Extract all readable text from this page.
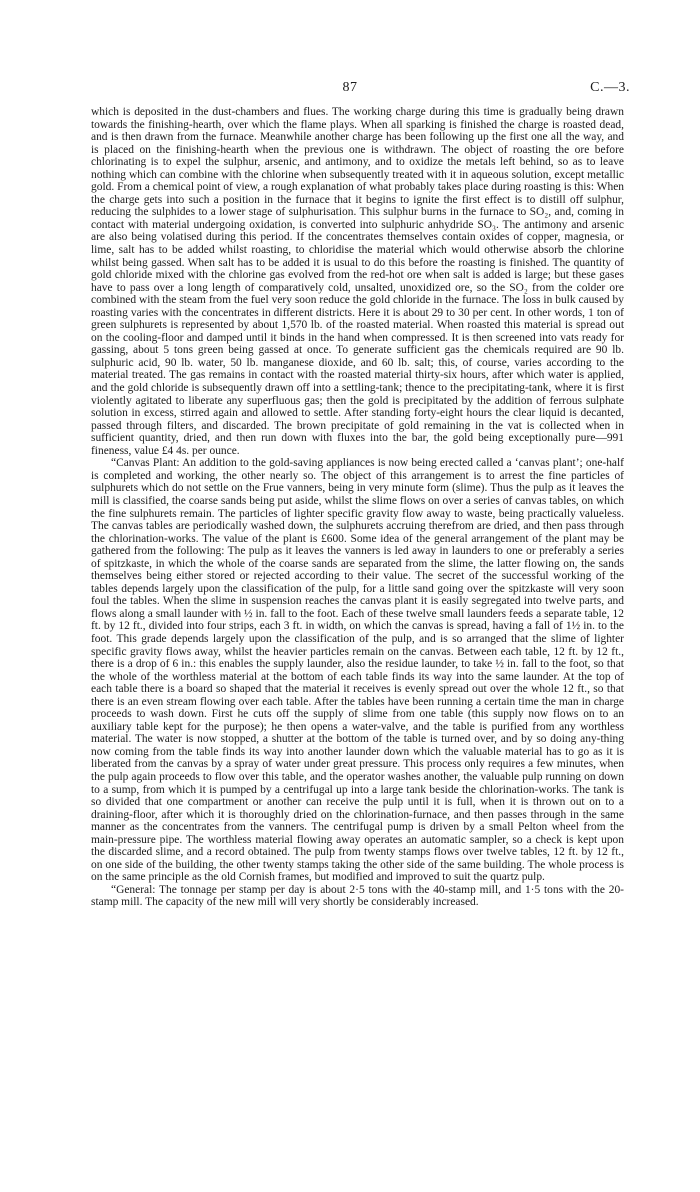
87	C.—3.

which is deposited in the dust-chambers and flues. The working charge during this time is gradually being drawn towards the finishing-hearth, over which the flame plays. When all sparking is finished the charge is roasted dead, and is then drawn from the furnace. Meanwhile another charge has been following up the first one all the way, and is placed on the finishing-hearth when the previous one is withdrawn. The object of roasting the ore before chlorinating is to expel the sulphur, arsenic, and antimony, and to oxidize the metals left behind, so as to leave nothing which can combine with the chlorine when subsequently treated with it in aqueous solution, except metallic gold. From a chemical point of view, a rough explanation of what probably takes place during roasting is this: When the charge gets into such a position in the furnace that it begins to ignite the first effect is to distill off sulphur, reducing the sulphides to a lower stage of sulphurisation. This sulphur burns in the furnace to SO₂, and, coming in contact with material undergoing oxidation, is converted into sulphuric anhydride SO₃. The antimony and arsenic are also being volatised during this period. If the concentrates themselves contain oxides of copper, magnesia, or lime, salt has to be added whilst roasting, to chloridise the material which would otherwise absorb the chlorine whilst being gassed. When salt has to be added it is usual to do this before the roasting is finished. The quantity of gold chloride mixed with the chlorine gas evolved from the red-hot ore when salt is added is large; but these gases have to pass over a long length of comparatively cold, unsalted, unoxidized ore, so the SO₂ from the colder ore combined with the steam from the fuel very soon reduce the gold chloride in the furnace. The loss in bulk caused by roasting varies with the concentrates in different districts. Here it is about 29 to 30 per cent. In other words, 1 ton of green sulphurets is represented by about 1,570 lb. of the roasted material. When roasted this material is spread out on the cooling-floor and damped until it binds in the hand when compressed. It is then screened into vats ready for gassing, about 5 tons green being gassed at once. To generate sufficient gas the chemicals required are 90 lb. sulphuric acid, 90 lb. water, 50 lb. manganese dioxide, and 60 lb. salt; this, of course, varies according to the material treated. The gas remains in contact with the roasted material thirty-six hours, after which water is applied, and the gold chloride is subsequently drawn off into a settling-tank; thence to the precipitating-tank, where it is first violently agitated to liberate any superfluous gas; then the gold is precipitated by the addition of ferrous sulphate solution in excess, stirred again and allowed to settle. After standing forty-eight hours the clear liquid is decanted, passed through filters, and discarded. The brown precipitate of gold remaining in the vat is collected when in sufficient quantity, dried, and then run down with fluxes into the bar, the gold being exceptionally pure—991 fineness, value £4 4s. per ounce.

“Canvas Plant: An addition to the gold-saving appliances is now being erected called a ‘canvas plant’; one-half is completed and working, the other nearly so. The object of this arrangement is to arrest the fine particles of sulphurets which do not settle on the Frue vanners, being in very minute form (slime). Thus the pulp as it leaves the mill is classified, the coarse sands being put aside, whilst the slime flows on over a series of canvas tables, on which the fine sulphurets remain. The particles of lighter specific gravity flow away to waste, being practically valueless. The canvas tables are periodically washed down, the sulphurets accruing therefrom are dried, and then pass through the chlorination-works. The value of the plant is £600. Some idea of the general arrangement of the plant may be gathered from the following: The pulp as it leaves the vanners is led away in launders to one or preferably a series of spitzkaste, in which the whole of the coarse sands are separated from the slime, the latter flowing on, the sands themselves being either stored or rejected according to their value. The secret of the successful working of the tables depends largely upon the classification of the pulp, for a little sand going over the spitzkaste will very soon foul the tables. When the slime in suspension reaches the canvas plant it is easily segregated into twelve parts, and flows along a small launder with ½ in. fall to the foot. Each of these twelve small launders feeds a separate table, 12 ft. by 12 ft., divided into four strips, each 3 ft. in width, on which the canvas is spread, having a fall of 1½ in. to the foot. This grade depends largely upon the classification of the pulp, and is so arranged that the slime of lighter specific gravity flows away, whilst the heavier particles remain on the canvas. Between each table, 12 ft. by 12 ft., there is a drop of 6 in.: this enables the supply launder, also the residue launder, to take ½ in. fall to the foot, so that the whole of the worthless material at the bottom of each table finds its way into the same launder. At the top of each table there is a board so shaped that the material it receives is evenly spread out over the whole 12 ft., so that there is an even stream flowing over each table. After the tables have been running a certain time the man in charge proceeds to wash down. First he cuts off the supply of slime from one table (this supply now flows on to an auxiliary table kept for the purpose); he then opens a water-valve, and the table is purified from any worthless material. The water is now stopped, a shutter at the bottom of the table is turned over, and by so doing any-thing now coming from the table finds its way into another launder down which the valuable material has to go as it is liberated from the canvas by a spray of water under great pressure. This process only requires a few minutes, when the pulp again proceeds to flow over this table, and the operator washes another, the valuable pulp running on down to a sump, from which it is pumped by a centrifugal up into a large tank beside the chlorination-works. The tank is so divided that one compartment or another can receive the pulp until it is full, when it is thrown out on to a draining-floor, after which it is thoroughly dried on the chlorination-furnace, and then passes through in the same manner as the concentrates from the vanners. The centrifugal pump is driven by a small Pelton wheel from the main-pressure pipe. The worthless material flowing away operates an automatic sampler, so a check is kept upon the discarded slime, and a record obtained. The pulp from twenty stamps flows over twelve tables, 12 ft. by 12 ft., on one side of the building, the other twenty stamps taking the other side of the same building. The whole process is on the same principle as the old Cornish frames, but modified and improved to suit the quartz pulp.

“General: The tonnage per stamp per day is about 2·5 tons with the 40-stamp mill, and 1·5 tons with the 20-stamp mill. The capacity of the new mill will very shortly be considerably increased.
